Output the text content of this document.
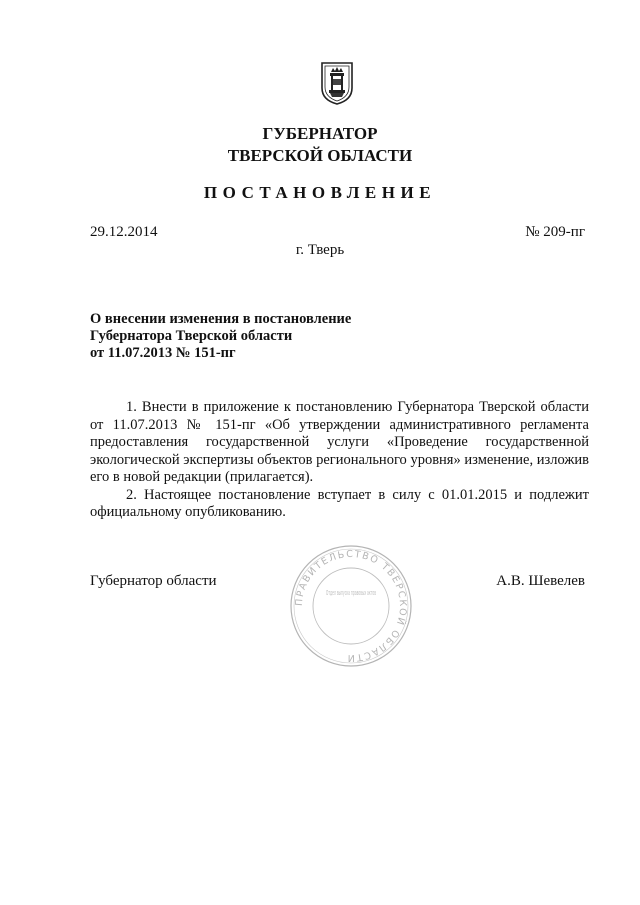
ГУБЕРНАТОР
ТВЕРСКОЙ ОБЛАСТИ
ПОСТАНОВЛЕНИЕ
29.12.2014	№ 209-пг
г. Тверь
О внесении изменения в постановление
Губернатора Тверской области
от 11.07.2013 № 151-пг

1. Внести в приложение к постановлению Губернатора Тверской области от 11.07.2013 № 151-пг «Об утверждении административного регламента предоставления государственной услуги «Проведение государственной экологической экспертизы объектов регионального уровня» изменение, изложив его в новой редакции (прилагается).

2. Настоящее постановление вступает в силу с 01.01.2015 и подлежит официальному опубликованию.

Губернатор области	А.В. Шевелев
ПРАВИТЕЛЬСТВО ТВЕРСКОЙ ОБЛАСТИ
Отдел выпуска правовых актов
